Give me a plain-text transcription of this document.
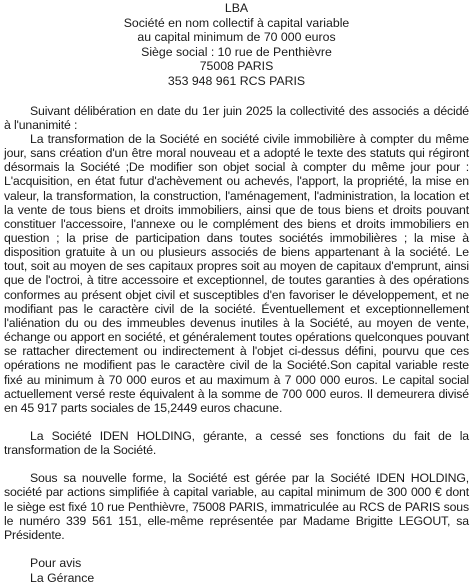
LBA
Société en nom collectif à capital variable
au capital minimum de 70 000 euros
Siège social : 10 rue de Penthièvre
75008 PARIS
353 948 961 RCS PARIS

Suivant délibération en date du 1er juin 2025 la collectivité des associés a décidé à l'unanimité :

La transformation de la Société en société civile immobilière à compter du même jour, sans création d'un être moral nouveau et a adopté le texte des statuts qui régiront désormais la Société ;De modifier son objet social à compter du même jour pour : L'acquisition, en état futur d'achèvement ou achevés, l'apport, la propriété, la mise en valeur, la transformation, la construction, l'aménagement, l'administration, la location et la vente de tous biens et droits immobiliers, ainsi que de tous biens et droits pouvant constituer l'accessoire, l'annexe ou le complément des biens et droits immobiliers en question ; la prise de participation dans toutes sociétés immobilières ; la mise à disposition gratuite à un ou plusieurs associés de biens appartenant à la société. Le tout, soit au moyen de ses capitaux propres soit au moyen de capitaux d'emprunt, ainsi que de l'octroi, à titre accessoire et exceptionnel, de toutes garanties à des opérations conformes au présent objet civil et susceptibles d'en favoriser le développement, et ne modifiant pas le caractère civil de la société. Éventuellement et exceptionnellement l'aliénation du ou des immeubles devenus inutiles à la Société, au moyen de vente, échange ou apport en société, et généralement toutes opérations quelconques pouvant se rattacher directement ou indirectement à l'objet ci-dessus défini, pourvu que ces opérations ne modifient pas le caractère civil de la Société.Son capital variable reste fixé au minimum à 70 000 euros et au maximum à 7 000 000 euros. Le capital social actuellement versé reste équivalent à la somme de 700 000 euros. Il demeurera divisé en 45 917 parts sociales de 15,2449 euros chacune.

La Société IDEN HOLDING, gérante, a cessé ses fonctions du fait de la transformation de la Société.

Sous sa nouvelle forme, la Société est gérée par la Société IDEN HOLDING, société par actions simplifiée à capital variable, au capital minimum de 300 000 € dont le siège est fixé 10 rue Penthièvre, 75008 PARIS, immatriculée au RCS de PARIS sous le numéro 339 561 151, elle-même représentée par Madame Brigitte LEGOUT, sa Présidente.

Pour avis
La Gérance
